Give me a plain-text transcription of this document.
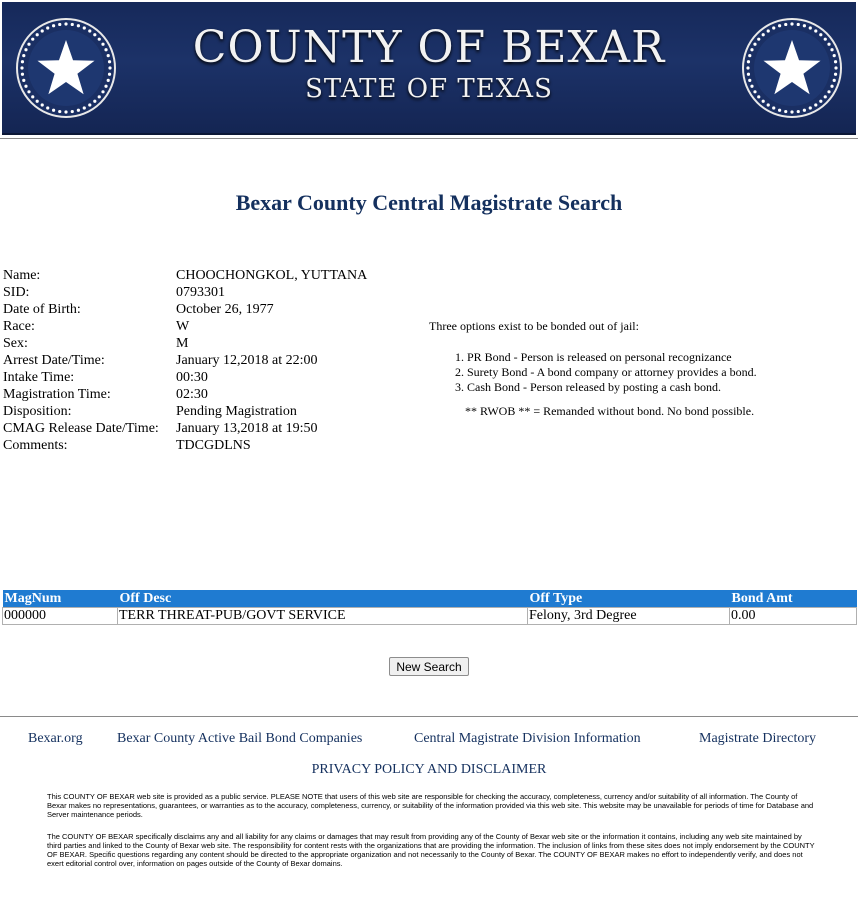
COUNTY OF BEXAR
STATE OF TEXAS
Bexar County Central Magistrate Search
Name:	CHOOCHONGKOL, YUTTANA
SID:	0793301
Date of Birth:	October 26, 1977
Race:	W
Sex:	M
Arrest Date/Time:	January 12,2018 at 22:00
Intake Time:	00:30
Magistration Time:	02:30
Disposition:	Pending Magistration
CMAG Release Date/Time:	January 13,2018 at 19:50
Comments:	TDCGDLNS
Three options exist to be bonded out of jail:
1. PR Bond - Person is released on personal recognizance
2. Surety Bond - A bond company or attorney provides a bond.
3. Cash Bond - Person released by posting a cash bond.
** RWOB ** = Remanded without bond. No bond possible.
MagNum	Off Desc	Off Type	Bond Amt
000000	TERR THREAT-PUB/GOVT SERVICE	Felony, 3rd Degree	0.00
New Search
Bexar.org Bexar County Active Bail Bond Companies	Central Magistrate Division Information	Magistrate Directory
PRIVACY POLICY AND DISCLAIMER
This COUNTY OF BEXAR web site is provided as a public service. PLEASE NOTE that users of this web site are responsible for checking the accuracy, completeness, currency and/or suitability of all information. The County of Bexar makes no representations, guarantees, or warranties as to the accuracy, completeness, currency, or suitability of the information provided via this web site. This website may be unavailable for periods of time for Database and Server maintenance periods.
The COUNTY OF BEXAR specifically disclaims any and all liability for any claims or damages that may result from providing any of the County of Bexar web site or the information it contains, including any web site maintained by third parties and linked to the County of Bexar web site. The responsibility for content rests with the organizations that are providing the information. The inclusion of links from these sites does not imply endorsement by the COUNTY OF BEXAR. Specific questions regarding any content should be directed to the appropriate organization and not necessarily to the County of Bexar. The COUNTY OF BEXAR makes no effort to independently verify, and does not exert editorial control over, information on pages outside of the County of Bexar domains.
